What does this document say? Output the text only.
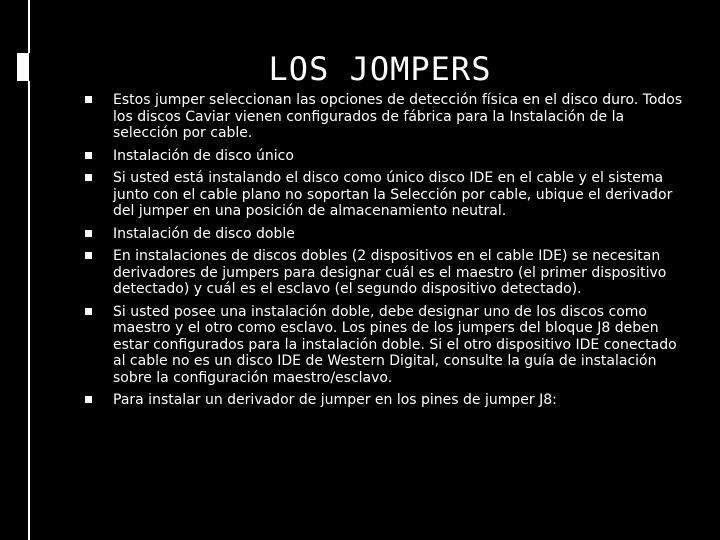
LOS JOMPERS
Estos jumper seleccionan las opciones de detección física en el disco duro. Todos los discos Caviar vienen configurados de fábrica para la Instalación de la selección por cable.
Instalación de disco único
Si usted está instalando el disco como único disco IDE en el cable y el sistema junto con el cable plano no soportan la Selección por cable, ubique el derivador del jumper en una posición de almacenamiento neutral.
Instalación de disco doble
En instalaciones de discos dobles (2 dispositivos en el cable IDE) se necesitan derivadores de jumpers para designar cuál es el maestro (el primer dispositivo detectado) y cuál es el esclavo (el segundo dispositivo detectado).
Si usted posee una instalación doble, debe designar uno de los discos como maestro y el otro como esclavo. Los pines de los jumpers del bloque J8 deben estar configurados para la instalación doble. Si el otro dispositivo IDE conectado al cable no es un disco IDE de Western Digital, consulte la guía de instalación sobre la configuración maestro/esclavo.
Para instalar un derivador de jumper en los pines de jumper J8:
